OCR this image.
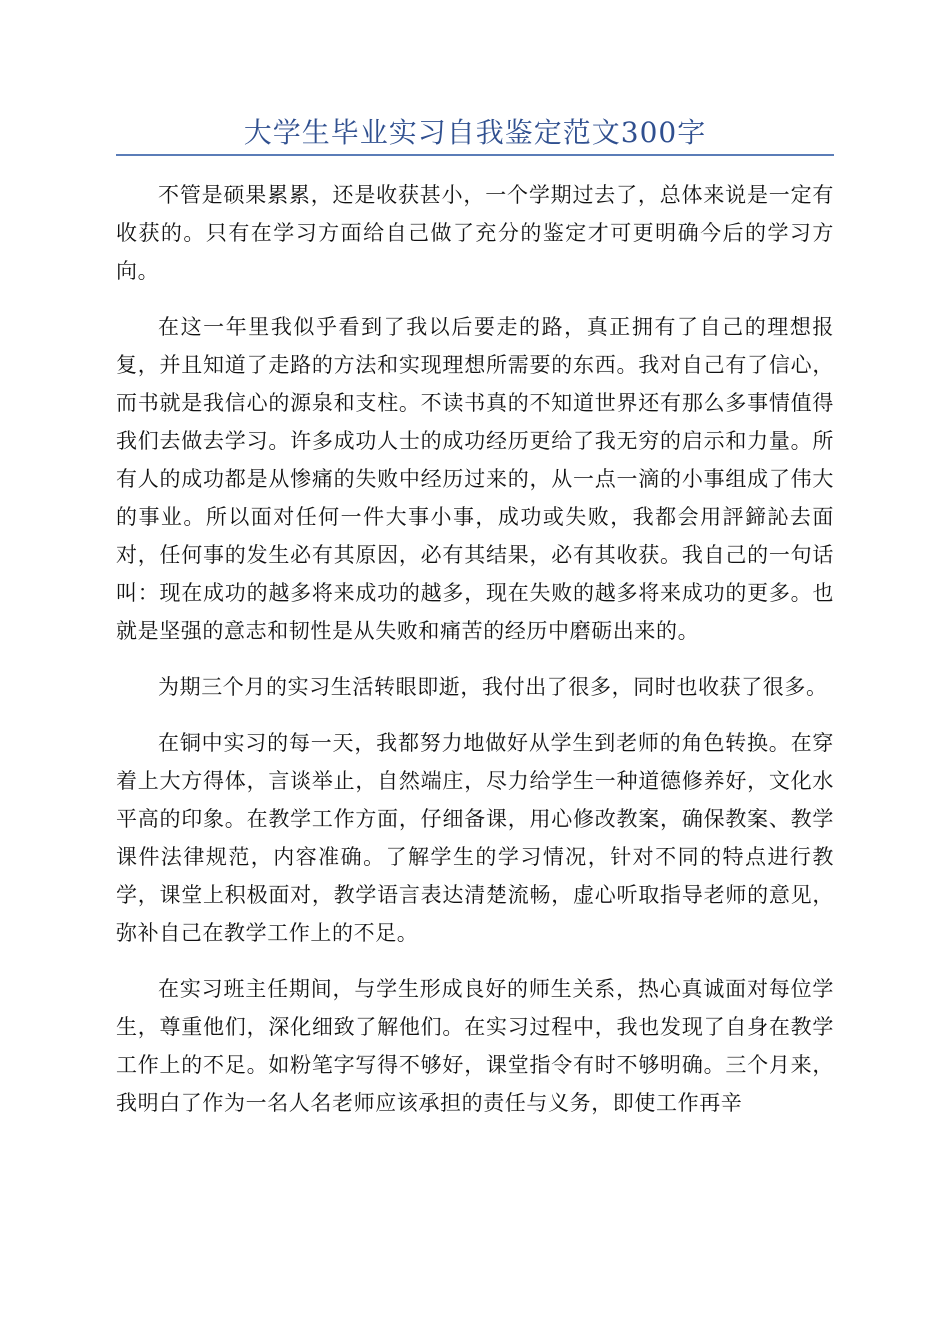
大学生毕业实习自我鉴定范文300字

不管是硕果累累，还是收获甚小，一个学期过去了，总体来说是一定有收获的。只有在学习方面给自己做了充分的鉴定才可更明确今后的学习方向。

在这一年里我似乎看到了我以后要走的路，真正拥有了自己的理想报复，并且知道了走路的方法和实现理想所需要的东西。我对自己有了信心，而书就是我信心的源泉和支柱。不读书真的不知道世界还有那么多事情值得我们去做去学习。许多成功人士的成功经历更给了我无穷的启示和力量。所有人的成功都是从惨痛的失败中经历过来的，从一点一滴的小事组成了伟大的事业。所以面对任何一件大事小事，成功或失败，我都会用評鍗訫去面对，任何事的发生必有其原因，必有其结果，必有其收获。我自己的一句话叫：现在成功的越多将来成功的越多，现在失败的越多将来成功的更多。也就是坚强的意志和韧性是从失败和痛苦的经历中磨砺出来的。

为期三个月的实习生活转眼即逝，我付出了很多，同时也收获了很多。

在铜中实习的每一天，我都努力地做好从学生到老师的角色转换。在穿着上大方得体，言谈举止，自然端庄，尽力给学生一种道德修养好，文化水平高的印象。在教学工作方面，仔细备课，用心修改教案，确保教案、教学课件法律规范，内容准确。了解学生的学习情况，针对不同的特点进行教学，课堂上积极面对，教学语言表达清楚流畅，虚心听取指导老师的意见，弥补自己在教学工作上的不足。

在实习班主任期间，与学生形成良好的师生关系，热心真诚面对每位学生，尊重他们，深化细致了解他们。在实习过程中，我也发现了自身在教学工作上的不足。如粉笔字写得不够好，课堂指令有时不够明确。三个月来，我明白了作为一名人名老师应该承担的责任与义务，即使工作再辛
